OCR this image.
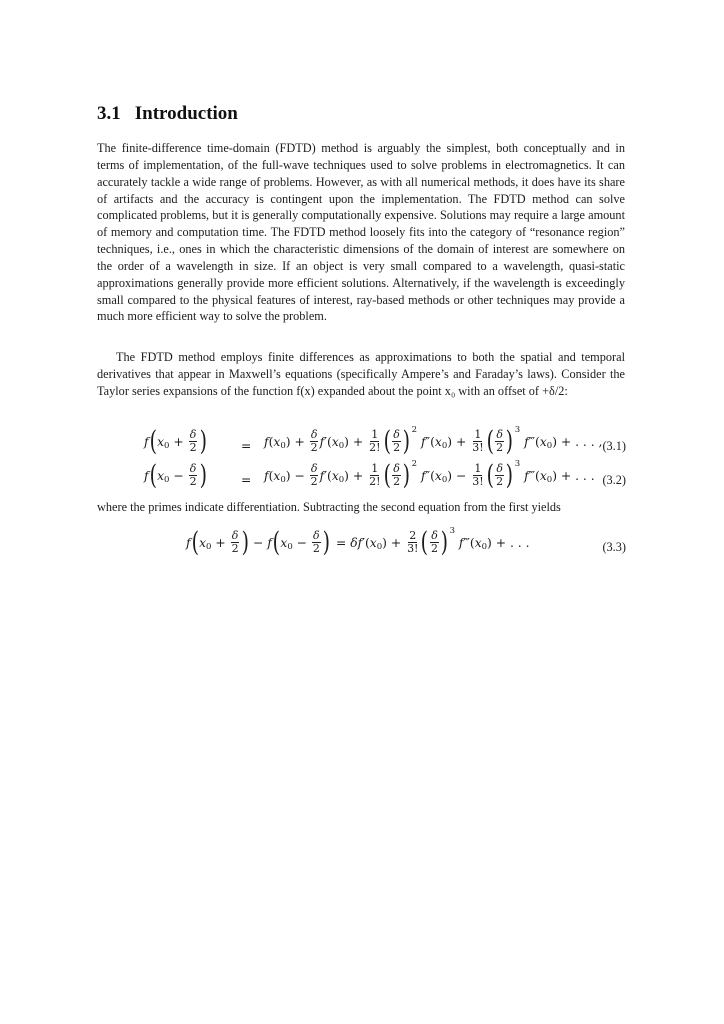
3.1 Introduction

The finite-difference time-domain (FDTD) method is arguably the simplest, both conceptually and in terms of implementation, of the full-wave techniques used to solve problems in electromagnetics. It can accurately tackle a wide range of problems. However, as with all numerical methods, it does have its share of artifacts and the accuracy is contingent upon the implementation. The FDTD method can solve complicated problems, but it is generally computationally expensive. Solutions may require a large amount of memory and computation time. The FDTD method loosely fits into the category of “resonance region” techniques, i.e., ones in which the characteristic dimensions of the domain of interest are somewhere on the order of a wavelength in size. If an object is very small compared to a wavelength, quasi-static approximations generally provide more efficient solutions. Alternatively, if the wavelength is exceedingly small compared to the physical features of interest, ray-based methods or other techniques may provide a much more efficient way to solve the problem.

The FDTD method employs finite differences as approximations to both the spatial and temporal derivatives that appear in Maxwell’s equations (specifically Ampere’s and Faraday’s laws). Consider the Taylor series expansions of the function f(x) expanded about the point x₀ with an offset of +δ/2:

f ( x $0 + \frac{\delta}{2}$ )	= f ( x 0 ) + $\frac{\delta}{2}$ f ′( x 0 ) + $\frac{1}{2!}$ ( $\frac{\delta}{2}$ ) 2

f ″( x 0 ) + $\frac{1}{3!}$ ( $\frac{\delta}{2}$ ) 3

f ‴( x 0 ) + . . . , (3.1)
f ( x $0 - \frac{\delta}{2}$ )	= f ( x 0 ) − $\frac{\delta}{2}$ f ′( x 0 ) + $\frac{1}{2!}$ ( $\frac{\delta}{2}$ ) 2

f ″( x 0 ) − $\frac{1}{3!}$ ( $\frac{\delta}{2}$ ) 3

f ‴( x 0 ) + . . . (3.2)

where the primes indicate differentiation. Subtracting the second equation from the first yields

f ( x $0 + \frac{\delta}{2}$ ) − f ( x $0 - \frac{\delta}{2}$ ) = δf ′( x 0 ) + $\frac{2}{3!}$ ( $\frac{\delta}{2}$ ) 3

f ‴( x 0 ) + . . .	(3.3)
